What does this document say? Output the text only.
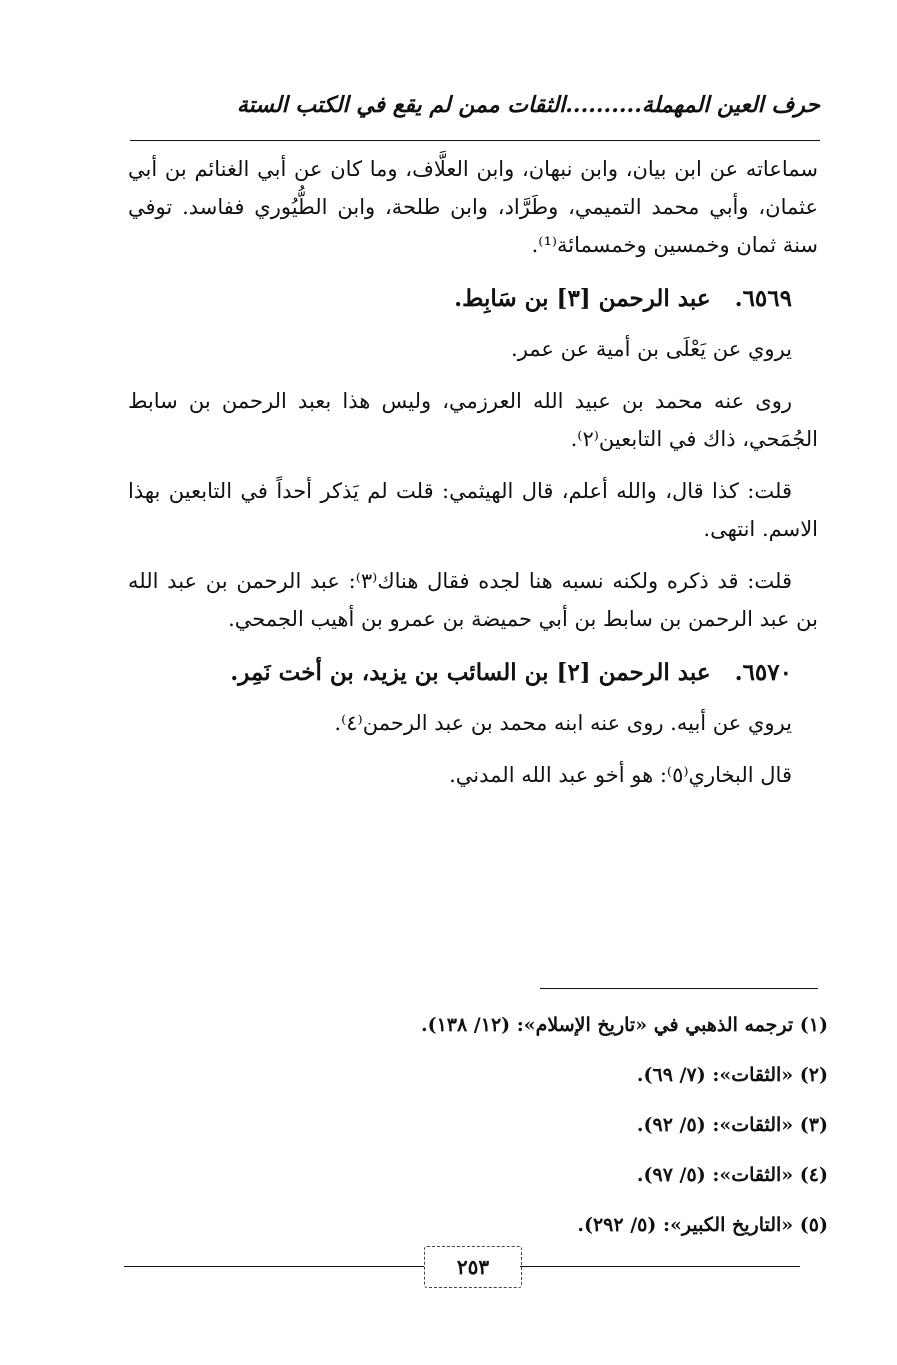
حرف العين المهملة..........الثقات ممن لم يقع في الكتب الستة

سماعاته عن ابن بيان، وابن نبهان، وابن العلَّاف، وما كان عن أبي الغنائم بن أبي عثمان، وأبي محمد التميمي، وطَرَّاد، وابن طلحة، وابن الطُّيُوري ففاسد. توفي سنة ثمان وخمسين وخمسمائة⁽¹⁾.

٦٥٦٩. عبد الرحمن [٣] بن سَابِط.

يروي عن يَعْلَى بن أمية عن عمر.

روى عنه محمد بن عبيد الله العرزمي، وليس هذا بعبد الرحمن بن سابط الجُمَحي، ذاك في التابعين⁽٢⁾.

قلت: كذا قال، والله أعلم، قال الهيثمي: قلت لم يَذكر أحداً في التابعين بهذا الاسم. انتهى.

قلت: قد ذكره ولكنه نسبه هنا لجده فقال هناك⁽٣⁾: عبد الرحمن بن عبد الله بن عبد الرحمن بن سابط بن أبي حميضة بن عمرو بن أهيب الجمحي.

٦٥٧٠. عبد الرحمن [٢] بن السائب بن يزيد، بن أخت نَمِر.

يروي عن أبيه. روى عنه ابنه محمد بن عبد الرحمن⁽٤⁾.

قال البخاري⁽٥⁾: هو أخو عبد الله المدني.

(١) ترجمه الذهبي في «تاريخ الإسلام»: (١٢/ ١٣٨).

(٢) «الثقات»: (٧/ ٦٩).

(٣) «الثقات»: (٥/ ٩٢).

(٤) «الثقات»: (٥/ ٩٧).

(٥) «التاريخ الكبير»: (٥/ ٢٩٢).

٢٥٣
